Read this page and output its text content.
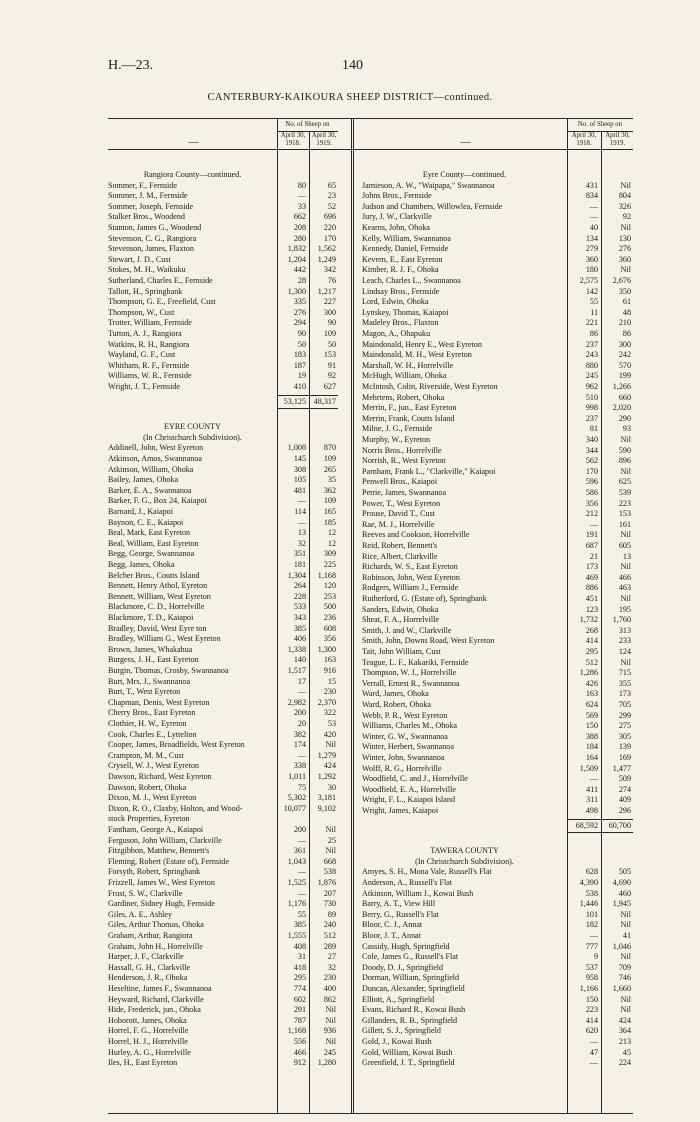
H.—23.	140
CANTERBURY-KAIKOURA SHEEP DISTRICT—continued.
—
No. of Sheep on
April 30, 1918.
April 30, 1919.	—
No. of Sheep on
April 30, 1918.
April 30, 1919.
Rangiora County—continued.
Sommer, F., Fernside	80	65
Sommer, J. M., Fernside	—	23
Sommer, Joseph, Fernside	33	52
Stalker Bros., Woodend	662 696
Stanton, James G., Woodend	208 220
Stevenson, C. G., Rangiora	280 170
Stevenson, James, Flaxton	1,832 1,562
Stewart, J. D., Cust	1,204 1,249
Stokes, M. H., Waikuku	442 342
Sutherland, Charles E., Fernside	28	76
Tallott, H., Springbank	1,300 1,217
Thompson, G. E., Freefield, Cust	335 227
Thompson, W., Cust	276 300
Trotter, William, Fernside	294	90
Tutton, A. J., Rangiora	90 109
Watkins, R. H., Rangiora	50	50
Wayland, G. F., Cust	183 153
Whitham, R. F., Fernside	187	91
Williams, W. R., Fernside	19	92
Wright, J. T., Fernside	410 627
53,125 48,317
EYRE COUNTY
(In Christchurch Subdivision).
Addinell, John, West Eyreton	1,008 870
Atkinson, Amos, Swannanoa	145 109
Atkinson, William, Ohoka	308 265
Bailey, James, Ohoka	105	35
Barker, E. A., Swannanoa	481 362
Barker, F. G., Box 24, Kaiapoi	— 109
Barnard, J., Kaiapoi	114 165
Baynon, C. E., Kaiapoi	— 185
Beal, Mark, East Eyreton	13	12
Beal, William, East Eyreton	32	12
Begg, George, Swannanoa	351 309
Begg, James, Ohoka	181 225
Belcher Bros., Coutts Island	1,304 1,168
Bennett, Henry Athol, Eyreton	264 120
Bennett, William, West Eyreton	228 253
Blackmore, C. D., Horrelville	533 500
Blackmore, T. D., Kaiapoi	343 236
Bradley, David, West Eyre ton	385 608
Bradley, William G., West Eyreton	406 356
Brown, James, Whakahua	1,338 1,300
Burgess, J. H., East Eyreton	140 163
Burgin, Thomas, Crosby, Swannanoa	1,517 916
Burt, Mrs. J., Swannanoa	17	15
Burt, T., West Eyreton	— 230
Chapman, Denis, West Eyreton	2,982 2,370
Cherry Bros., East Eyreton	200 322
Clothier, H. W., Eyreton	20	53
Cook, Charles E., Lyttelton	382 420
Cooper, James, Broadfields, West Eyreton	174 Nil
Crampton, M. M., Cust	— 1,279
Crysell, W. J., West Eyreton	338 424
Dawson, Richard, West Eyreton	1,011 1,292
Dawson, Robert, Ohoka	75	30
Dixon, M. J., West Eyreton	5,302 3,181
Dixon, R. O., Claxby, Holton, and Wood-	10,077 9,102
stock Properties, Eyreton
Fantham, George A., Kaiapoi	200 Nil
Ferguson, John William, Clarkville	—	25
Fitzgibbon, Matthew, Bennett's	361 Nil
Fleming, Robert (Estate of), Fernside	1,043 668
Forsyth, Robert, Springbank	— 538
Frizzell, James W., West Eyreton	1,525 1,876
Frost, S. W., Clarkville	— 207
Gardiner, Sidney Hugh, Fernside	1,176 730
Giles, A. E., Ashley	55	89
Giles, Arthur Thomas, Ohoka	385 240
Graham, Arthur, Rangiora	1,555 512
Graham, John H., Horrelville	408 289
Harper, J. F., Clarkville	31	27
Hassall, G. H., Clarkville	418	32
Henderson, J. R., Ohoka	295 230
Heseltine, James F., Swannanoa	774 400
Heyward, Richard, Clarkville	602 862
Hide, Frederick, jun., Ohoka	291 Nil
Hoborott, James, Ohoka	787 Nil
Horrel, F. G., Horrelville	1,168 936
Horrel, H. J., Horrelville	556 Nil
Hurley, A. G., Horrelville	466 245
Iles, H., East Eyreton	912 1,280
Eyre County—continued.
Jamieson, A. W., "Waipapa," Swannanoa	431	Nil
Johns Bros., Fernside	834	804
Judson and Chambers, Willowlea, Fernside	—	326
Jury, J. W., Clarkville	—	92
Kearns, John, Ohoka	40	Nil
Kelly, William, Swannanoa	134	130
Kennedy, Daniel, Fernside	279	276
Kevern, E., East Eyreton	360	360
Kimber, R. J. F., Ohoka	180	Nil
Leach, Charles L., Swannanoa	2,575 2,676
Lindsay Bros., Fernside	142	350
Lord, Edwin, Ohoka	55	61
Lynskey, Thomas, Kaiapoi	11	48
Madeley Bros., Flaxton	221	210
Magon, A., Ohapuku	86	86
Maindonald, Henry E., West Eyreton	237	300
Maindonald, M. H., West Eyreton	243	242
Marshall, W. H., Horrelville	880	570
McHugh, William, Ohoka	245	199
McIntosh, Colin, Riverside, West Eyreton	962 1,266
Mehrtens, Robert, Ohoka	510	660
Merrin, F., jun., East Eyreton	998 2,020
Merrin, Frank, Coutts Island	237	290
Milne, J. G., Fernside	81	93
Murphy, W., Eyreton	340	Nil
Norris Bros., Horrelville	344	590
Norrish, R., West Eyreton	562	896
Parnham, Frank L., "Clarkville," Kaiapoi	170	Nil
Penwell Bros., Kaiapoi	596	625
Petrie, James, Swannanoa	586	539
Power, T., West Eyreton	356	223
Prouse, David T., Cust	212	153
Rae, M. J., Horrelville	—	161
Reeves and Cookson, Horrelville	191	Nil
Reid, Robert, Bennett's	687	605
Rice, Albert, Clarkville	21	13
Richards, W. S., East Eyreton	173	Nil
Robinson, John, West Eyreton	469	466
Rodgers, William J., Fernside	886	463
Rutherford, G. (Estate of), Springbank	451	Nil
Sanders, Edwin, Ohoka	123	195
Sheat, F. A., Horrelville	1,732 1,760
Smith, J. and W., Clarkville	268	313
Smith, John, Downs Road, West Eyreton	414	233
Tait, John William, Cust	295	124
Teague, L. F., Kakariki, Fernside	512	Nil
Thompson, W. J., Horrelville	1,286	715
Verrall, Ernest R., Swannanoa	426	355
Ward, James, Ohoka	163	173
Ward, Robert, Ohoka	624	705
Webb, P. R., West Eyreton	569	299
Williams, Charles M., Ohoka	150	275
Winter, G. W., Swannanoa	388	305
Winter, Herbert, Swannanoa	184	139
Winter, John, Swannanoa	164	169
Wolff, R. G., Horrelville	1,509 1,477
Woodfield, C. and J., Horrelville	—	509
Woodfield, E. A., Horrelville	411	274
Wright, F. L., Kaiapoi Island	311	409
Wright, James, Kaiapoi	498	296
68,592 60,700
TAWERA COUNTY
(In Christchurch Subdivision).
Amyes, S. H., Mona Vale, Russell's Flat	628	505
Anderson, A., Russell's Flat	4,390 4,690
Atkinson, William J., Kowai Bush	538	460
Barry, A. T., View Hill	1,446 1,945
Berry, G., Russell's Flat	101	Nil
Bloor, C. J., Annat	182	Nil
Bloor, J. T., Annat	—	41
Cassidy, Hugh, Springfield	777 1,046
Cole, James G., Russell's Flat	9	Nil
Doody, D. J., Springfield	537	709
Dorman, William, Springfield	958	746
Duncan, Alexander, Springfield	1,166 1,660
Elliott, A., Springfield	150	Nil
Evans, Richard R., Kowai Bush	223	Nil
Gillanders, R. B., Springfield	414	424
Gillett, S. J., Springfield	620	364
Gold, J., Kowai Bush	—	213
Gold, William, Kowai Bush	47	45
Greenfield, J. T., Springfield	—	224
